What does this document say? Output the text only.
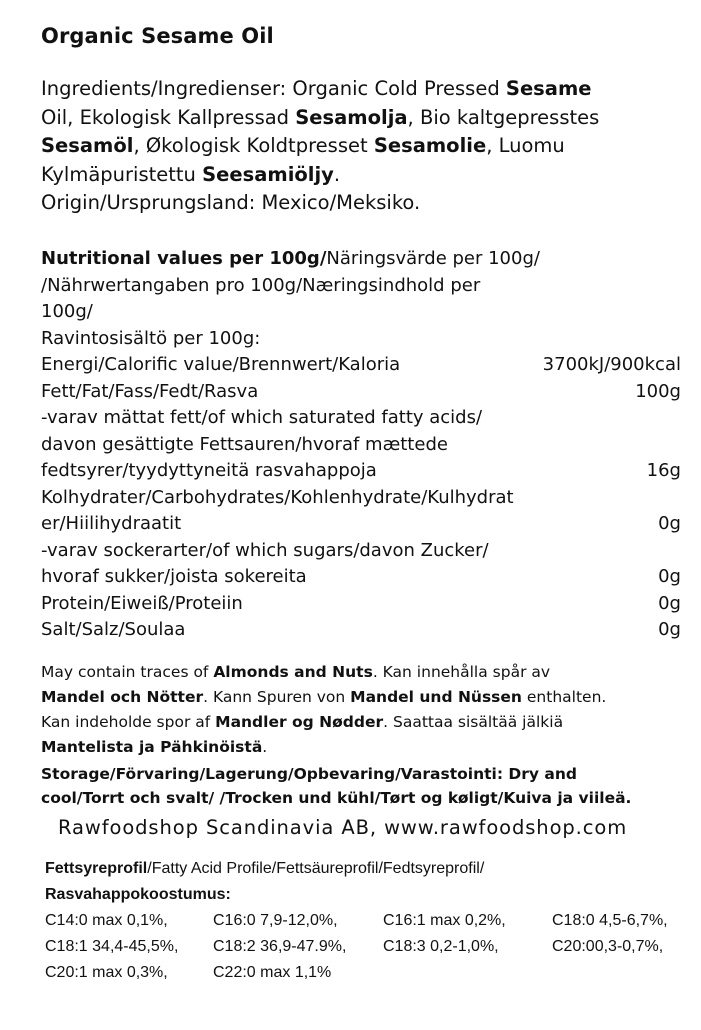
Organic Sesame Oil
Ingredients/Ingredienser: Organic Cold Pressed Sesame
Oil, Ekologisk Kallpressad Sesamolja, Bio kaltgepresstes
Sesamöl, Økologisk Koldtpresset Sesamolie, Luomu
Kylmäpuristettu Seesamiöljy.
Origin/Ursprungsland: Mexico/Meksiko.
Nutritional values per 100g/Näringsvärde per 100g/
/Nährwertangaben pro 100g/Næringsindhold per
100g/
Ravintosisältö per 100g:
Energi/Calorific value/Brennwert/Kaloria	3700kJ/900kcal
Fett/Fat/Fass/Fedt/Rasva	100g
-varav mättat fett/of which saturated fatty acids/
davon gesättigte Fettsauren/hvoraf mættede
fedtsyrer/tyydyttyneitä rasvahappoja	16g
Kolhydrater/Carbohydrates/Kohlenhydrate/Kulhydrat
er/Hiilihydraatit	0g
-varav sockerarter/of which sugars/davon Zucker/
hvoraf sukker/joista sokereita	0g
Protein/Eiweiß/Proteiin	0g
Salt/Salz/Soulaa	0g
May contain traces of Almonds and Nuts. Kan innehålla spår av
Mandel och Nötter. Kann Spuren von Mandel und Nüssen enthalten.
Kan indeholde spor af Mandler og Nødder. Saattaa sisältää jälkiä
Mantelista ja Pähkinöistä.
Storage/Förvaring/Lagerung/Opbevaring/Varastointi: Dry and
cool/Torrt och svalt/ /Trocken und kühl/Tørt og køligt/Kuiva ja viileä.
Rawfoodshop Scandinavia AB, www.rawfoodshop.com
Fettsyreprofil/Fatty Acid Profile/Fettsäureprofil/Fedtsyreprofil/
Rasvahappokoostumus:
C14:0 max 0,1%,	C16:0 7,9-12,0%,	C16:1 max 0,2%,	C18:0 4,5-6,7%,
C18:1 34,4-45,5%,	C18:2 36,9-47.9%,	C18:3 0,2-1,0%,	C20:00,3-0,7%,
C20:1 max 0,3%,	C22:0 max 1,1%
